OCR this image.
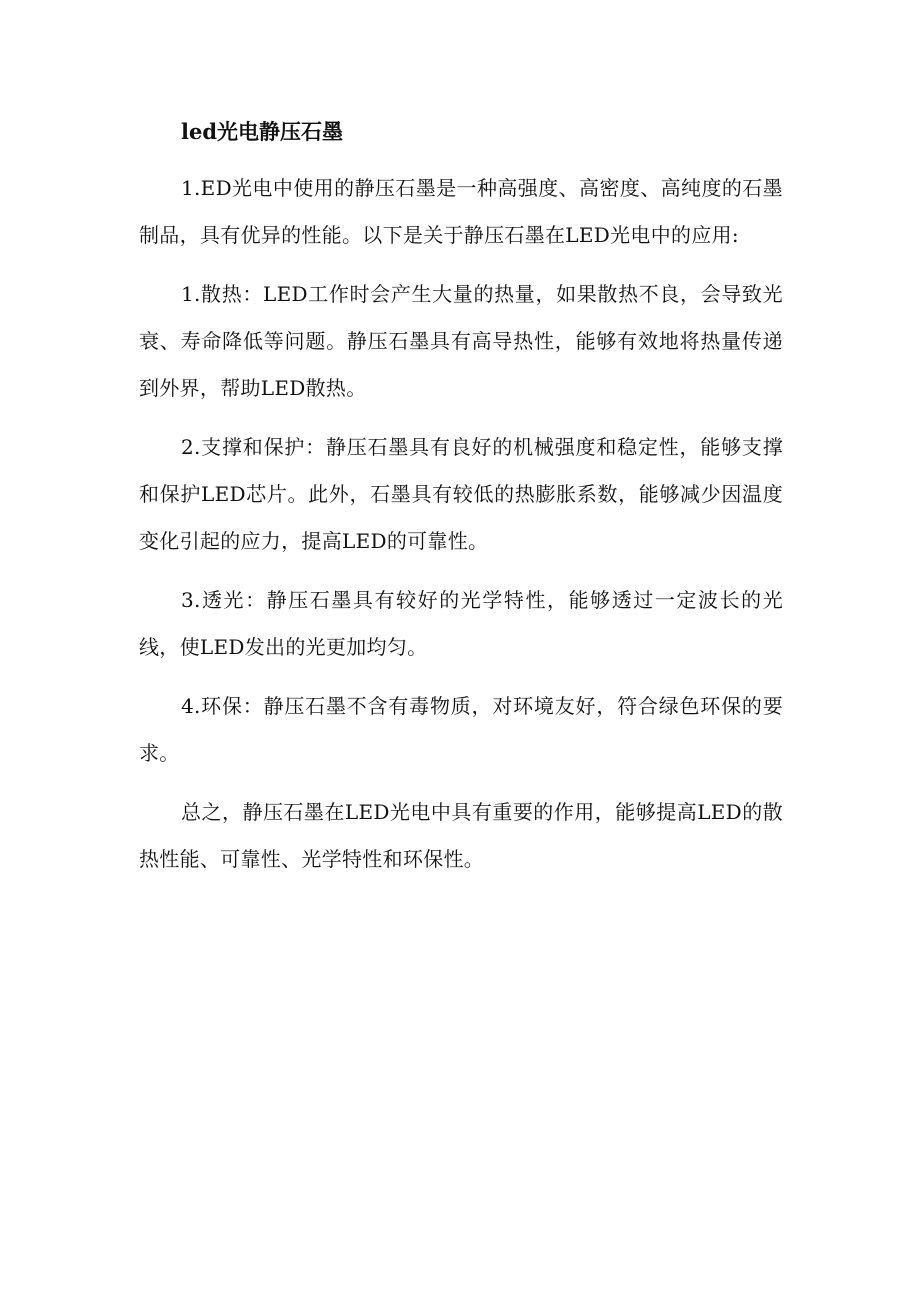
led光电静压石墨

1.ED光电中使用的静压石墨是一种高强度、高密度、高纯度的石墨制品，具有优异的性能。以下是关于静压石墨在LED光电中的应用:

1.散热：LED工作时会产生大量的热量，如果散热不良，会导致光衰、寿命降低等问题。静压石墨具有高导热性，能够有效地将热量传递到外界，帮助LED散热。

2.支撑和保护：静压石墨具有良好的机械强度和稳定性，能够支撑和保护LED芯片。此外，石墨具有较低的热膨胀系数，能够减少因温度变化引起的应力，提高LED的可靠性。

3.透光：静压石墨具有较好的光学特性，能够透过一定波长的光线，使LED发出的光更加均匀。

4.环保：静压石墨不含有毒物质，对环境友好，符合绿色环保的要求。

总之，静压石墨在LED光电中具有重要的作用，能够提高LED的散热性能、可靠性、光学特性和环保性。
